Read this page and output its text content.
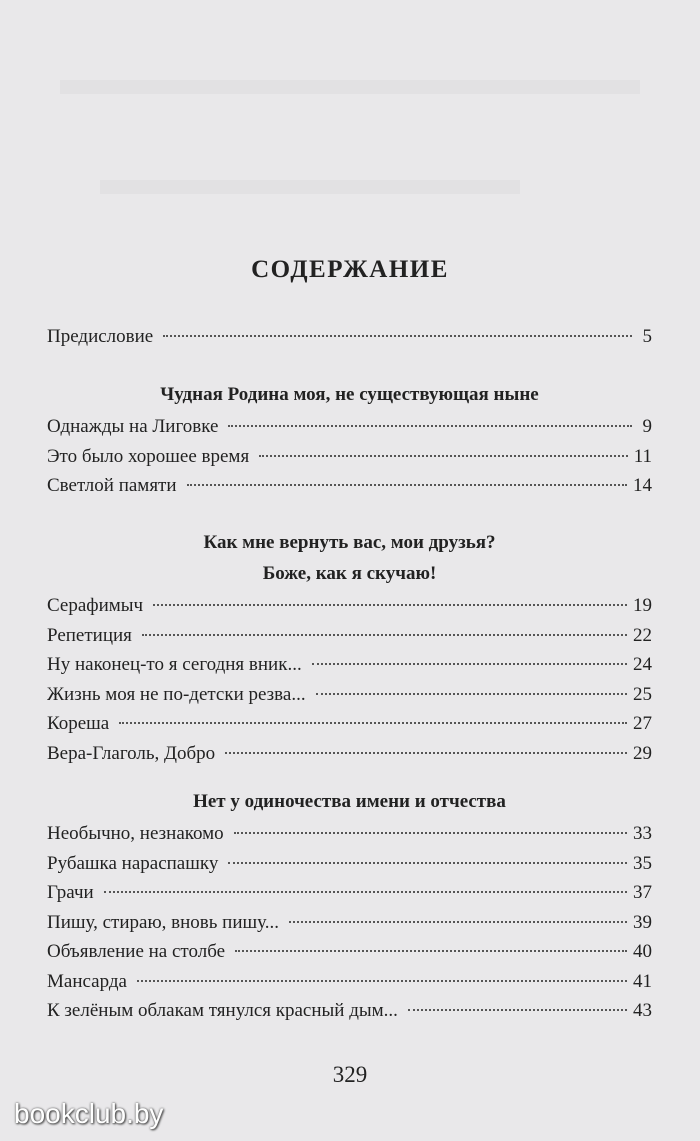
СОДЕРЖАНИЕ
Предисловие	5
Чудная Родина моя, не существующая ныне
Однажды на Лиговке	9
Это было хорошее время	11
Светлой памяти	14
Как мне вернуть вас, мои друзья?
Боже, как я скучаю!
Серафимыч	19
Репетиция	22
Ну наконец-то я сегодня вник...	24
Жизнь моя не по-детски резва...	25
Кореша	27
Вера-Глаголь, Добро	29
Нет у одиночества имени и отчества
Необычно, незнакомо	33
Рубашка нараспашку	35
Грачи	37
Пишу, стираю, вновь пишу...	39
Объявление на столбе	40
Мансарда	41
К зелёным облакам тянулся красный дым...	43
329
bookclub.by
